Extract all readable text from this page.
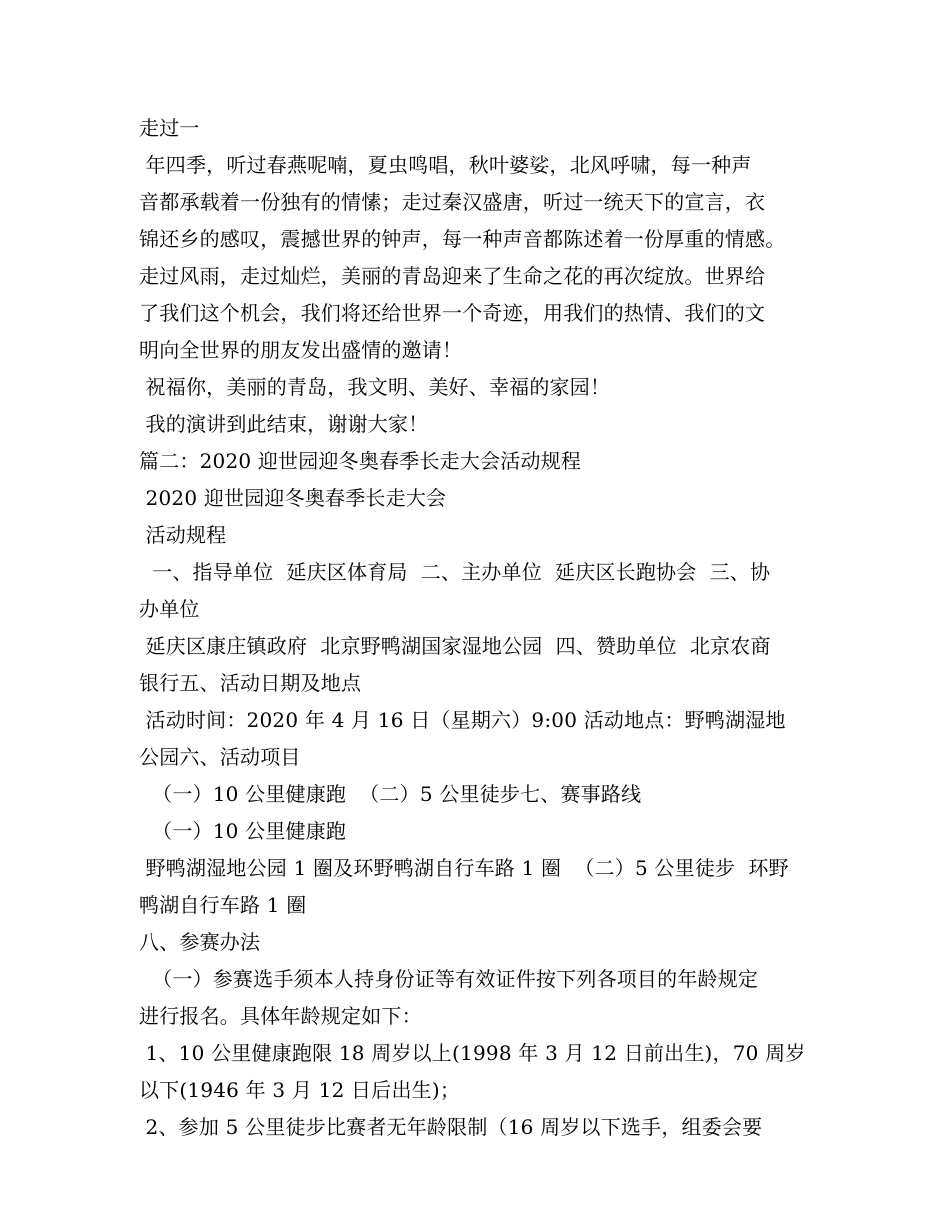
走过一
年四季，听过春燕呢喃，夏虫鸣唱，秋叶婆娑，北风呼啸，每一种声
音都承载着一份独有的情愫；走过秦汉盛唐，听过一统天下的宣言，衣
锦还乡的感叹，震撼世界的钟声，每一种声音都陈述着一份厚重的情感。
走过风雨，走过灿烂，美丽的青岛迎来了生命之花的再次绽放。世界给
了我们这个机会，我们将还给世界一个奇迹，用我们的热情、我们的文
明向全世界的朋友发出盛情的邀请！
祝福你，美丽的青岛，我文明、美好、幸福的家园！
我的演讲到此结束，谢谢大家！
篇二：2020 迎世园迎冬奥春季长走大会活动规程
2020 迎世园迎冬奥春季长走大会
活动规程
一、指导单位  延庆区体育局  二、主办单位  延庆区长跑协会  三、协
办单位
延庆区康庄镇政府  北京野鸭湖国家湿地公园  四、赞助单位  北京农商
银行五、活动日期及地点
活动时间：2020 年 4 月 16 日（星期六）9:00 活动地点：野鸭湖湿地
公园六、活动项目
（一）10 公里健康跑  （二）5 公里徒步七、赛事路线
（一）10 公里健康跑
野鸭湖湿地公园 1 圈及环野鸭湖自行车路 1 圈  （二）5 公里徒步  环野
鸭湖自行车路 1 圈
八、参赛办法
（一）参赛选手须本人持身份证等有效证件按下列各项目的年龄规定
进行报名。具体年龄规定如下：
1、10 公里健康跑限 18 周岁以上(1998 年 3 月 12 日前出生)，70 周岁
以下(1946 年 3 月 12 日后出生)；
2、参加 5 公里徒步比赛者无年龄限制（16 周岁以下选手，组委会要
